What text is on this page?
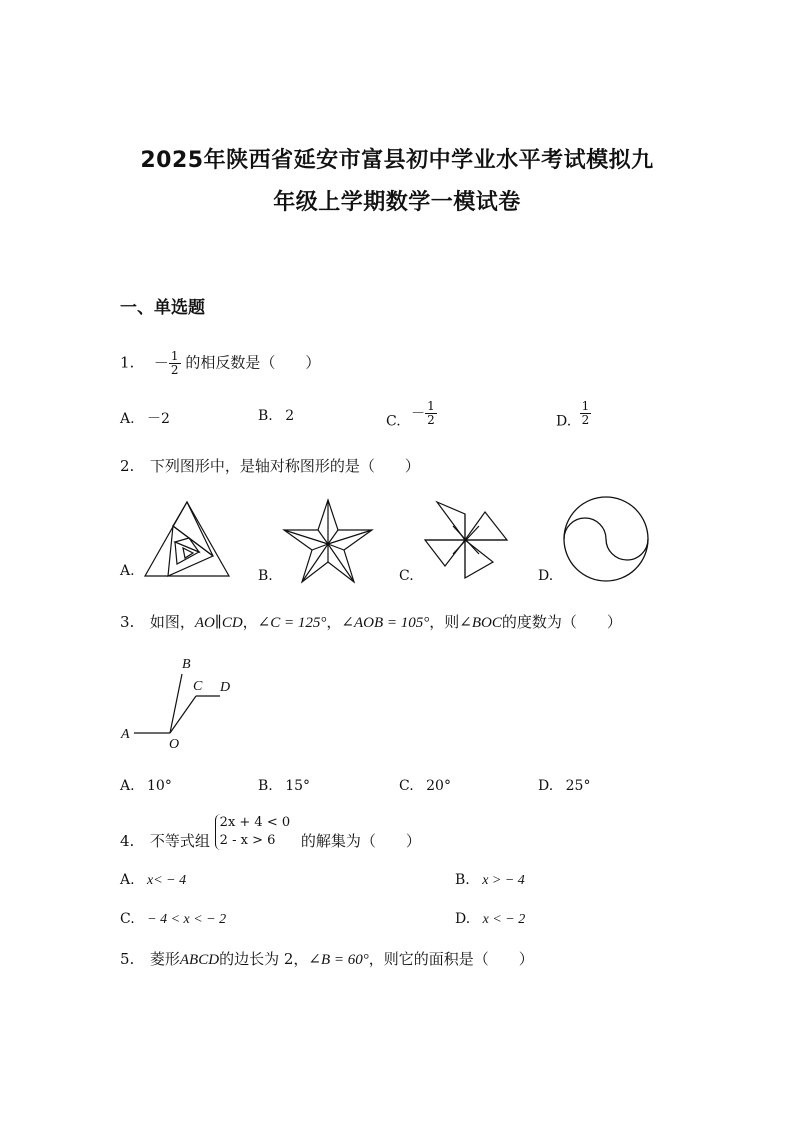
2025年陕西省延安市富县初中学业水平考试模拟九
年级上学期数学一模试卷
一、单选题
1. － $\frac{1}{2}$ 的相反数是（　　）
A. －2	B. 2	C. － $\frac{1}{2}$	D. $\frac{1}{2}$
2. 下列图形中，是轴对称图形的是（　　）
A.	B.	C.	D.
3. 如图，AO∥CD，∠C = 125°，∠AOB = 105°，则∠BOC的度数为（　　）
A
B
C D
O
A. 10°	B. 15°	C. 20°	D. 25°
4. 不等式组
2x + 4 < 0
2 - x > 6	的解集为（　　）
A. x< − 4	B. x > − 4
C. − 4 < x < − 2	D. x < − 2
5. 菱形ABCD的边长为 2，∠B = 60°，则它的面积是（　　）
